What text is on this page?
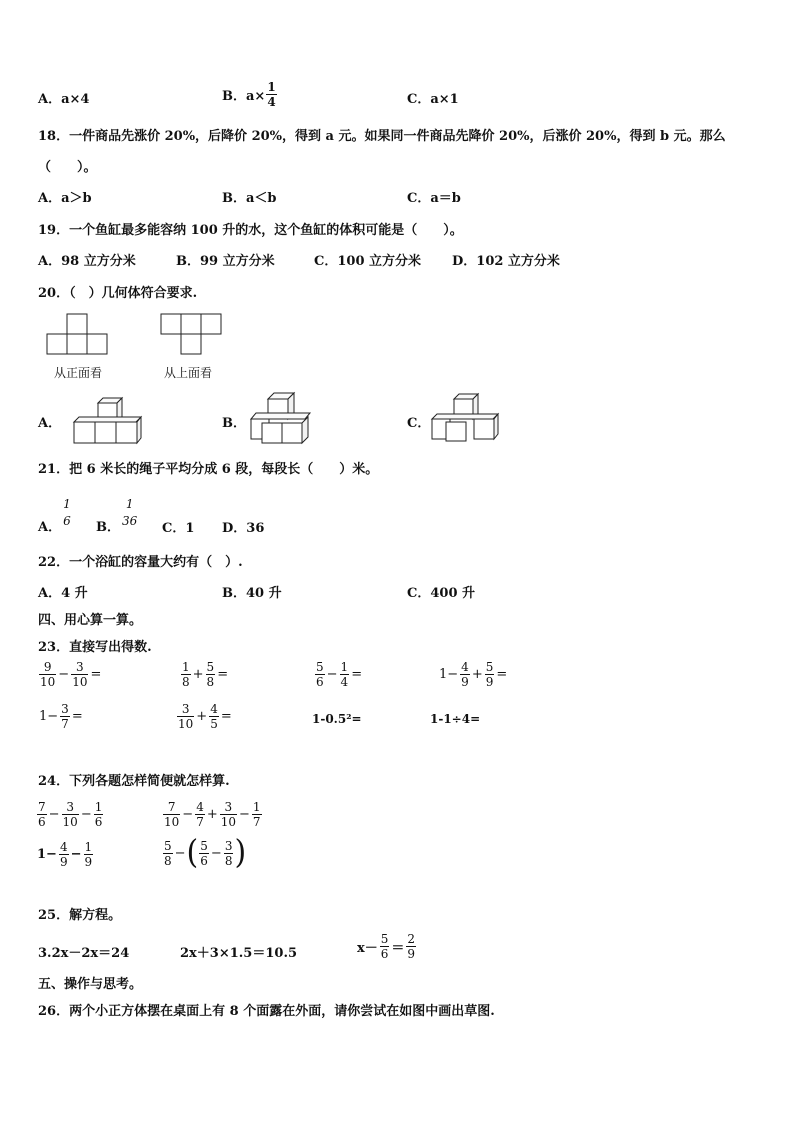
A．a×4	B．$a\times \frac{1}{4}$	C．a×1
18．一件商品先涨价 20%，后降价 20%，得到 a 元。如果同一件商品先降价 20%，后涨价 20%，得到 b 元。那么
（　　）。
A．a＞b	B．a＜b	C．a＝b
19．一个鱼缸最多能容纳 100 升的水，这个鱼缸的体积可能是（　　）。
A．98 立方分米	B．99 立方分米	C．100 立方分米 D．102 立方分米
20．（　）几何体符合要求.
从正面看	从上面看
A．	B．	C．
21．把 6 米长的绳子平均分成 6 段，每段长（　　）米。
A．
1
6 B．
1
36
C．1 D．36
22．一个浴缸的容量大约有（　）.
A．4 升	B．40 升	C．400 升
四、用心算一算。
23．直接写出得数.
$\frac{9}{10} - \frac{3}{10}$ =	$\frac{1}{8} + \frac{5}{8}$ =	$\frac{5}{6} - \frac{1}{4}$ =	$1- \frac{4}{9} + \frac{5}{9}$ =
$1- \frac{3}{7}$ =	$\frac{3}{10} + \frac{4}{5}$ =	1-0.5²=	1-1÷4=
24．下列各题怎样简便就怎样算.
$\frac{7}{6} - \frac{3}{10} - \frac{1}{6}$	$\frac{7}{10} - \frac{4}{7} + \frac{3}{10} - \frac{1}{7}$
$1- \frac{4}{9} - \frac{1}{9}$	$\frac{5}{8}$ − ( $\frac{5}{6} - \frac{3}{8}$ )
25．解方程。
3.2x－2x＝24	2x＋3×1.5＝10.5	$x- \frac{5}{6} = \frac{2}{9}$
五、操作与思考。
26．两个小正方体摆在桌面上有 8 个面露在外面，请你尝试在如图中画出草图.
